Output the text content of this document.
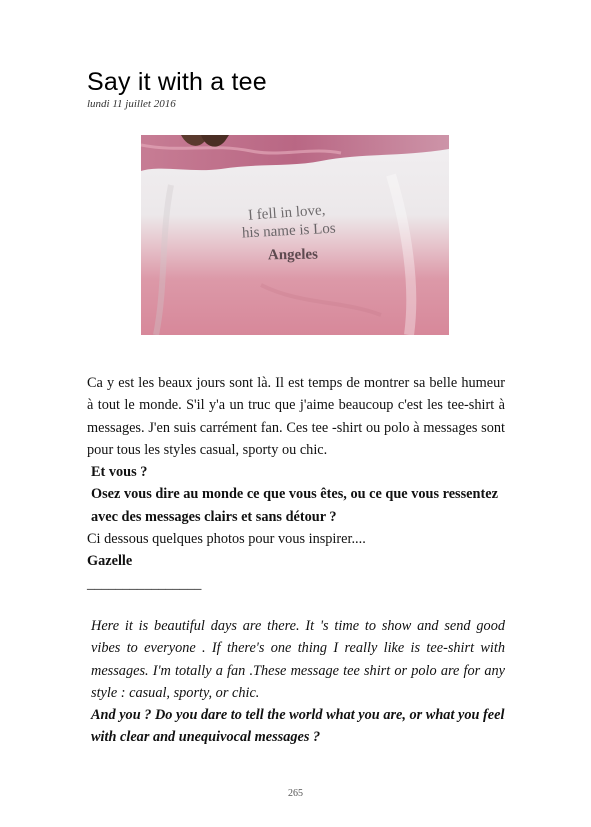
Say it with a tee
lundi 11 juillet 2016
I fell in love,
his name is Los
Angeles

Ca y est les beaux jours sont là. Il est temps de montrer sa belle humeur à tout le monde. S'il y'a un truc que j'aime beaucoup c'est les tee-shirt à messages. J'en suis carrément fan. Ces tee -shirt ou polo à messages sont pour tous les styles casual, sporty ou chic.

Et vous ?

Osez vous dire au monde ce que vous êtes, ou ce que vous ressentez avec des messages clairs et sans détour ?

Ci dessous quelques photos pour vous inspirer....

Gazelle

________________

Here it is beautiful days are there. It 's time to show and send good vibes to everyone . If there's one thing I really like is tee-shirt with messages. I'm totally a fan .These message tee shirt or polo are for any style : casual, sporty, or chic.

And you ? Do you dare to tell the world what you are, or what you feel with clear and unequivocal messages ?

265
